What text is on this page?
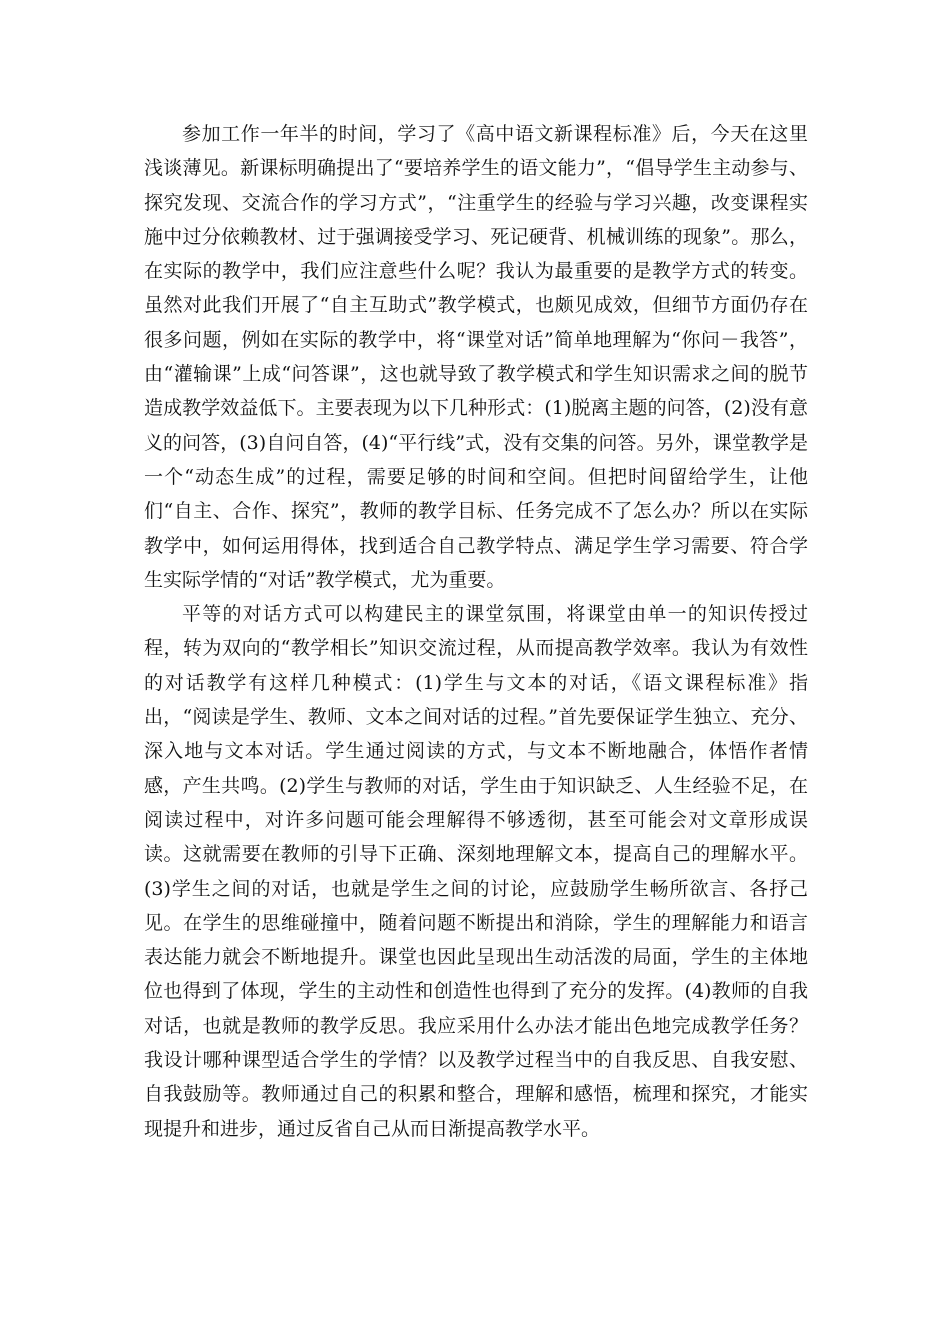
参加工作一年半的时间，学习了《高中语文新课程标准》后，今天在这里浅谈薄见。新课标明确提出了“要培养学生的语文能力”，“倡导学生主动参与、探究发现、交流合作的学习方式”，“注重学生的经验与学习兴趣，改变课程实施中过分依赖教材、过于强调接受学习、死记硬背、机械训练的现象”。那么，在实际的教学中，我们应注意些什么呢？我认为最重要的是教学方式的转变。虽然对此我们开展了“自主互助式”教学模式，也颇见成效，但细节方面仍存在很多问题，例如在实际的教学中，将“课堂对话”简单地理解为“你问－我答”，由“灌输课”上成“问答课”，这也就导致了教学模式和学生知识需求之间的脱节造成教学效益低下。主要表现为以下几种形式：(1)脱离主题的问答，(2)没有意义的问答，(3)自问自答，(4)“平行线”式，没有交集的问答。另外，课堂教学是一个“动态生成”的过程，需要足够的时间和空间。但把时间留给学生，让他们“自主、合作、探究”，教师的教学目标、任务完成不了怎么办？所以在实际教学中，如何运用得体，找到适合自己教学特点、满足学生学习需要、符合学生实际学情的“对话”教学模式，尤为重要。

平等的对话方式可以构建民主的课堂氛围，将课堂由单一的知识传授过程，转为双向的“教学相长”知识交流过程，从而提高教学效率。我认为有效性的对话教学有这样几种模式：(1)学生与文本的对话，《语文课程标准》指出，“阅读是学生、教师、文本之间对话的过程。”首先要保证学生独立、充分、深入地与文本对话。学生通过阅读的方式，与文本不断地融合，体悟作者情感，产生共鸣。(2)学生与教师的对话，学生由于知识缺乏、人生经验不足，在阅读过程中，对许多问题可能会理解得不够透彻，甚至可能会对文章形成误读。这就需要在教师的引导下正确、深刻地理解文本，提高自己的理解水平。(3)学生之间的对话，也就是学生之间的讨论，应鼓励学生畅所欲言、各抒己见。在学生的思维碰撞中，随着问题不断提出和消除，学生的理解能力和语言表达能力就会不断地提升。课堂也因此呈现出生动活泼的局面，学生的主体地位也得到了体现，学生的主动性和创造性也得到了充分的发挥。(4)教师的自我对话，也就是教师的教学反思。我应采用什么办法才能出色地完成教学任务？我设计哪种课型适合学生的学情？以及教学过程当中的自我反思、自我安慰、自我鼓励等。教师通过自己的积累和整合，理解和感悟，梳理和探究，才能实现提升和进步，通过反省自己从而日渐提高教学水平。
